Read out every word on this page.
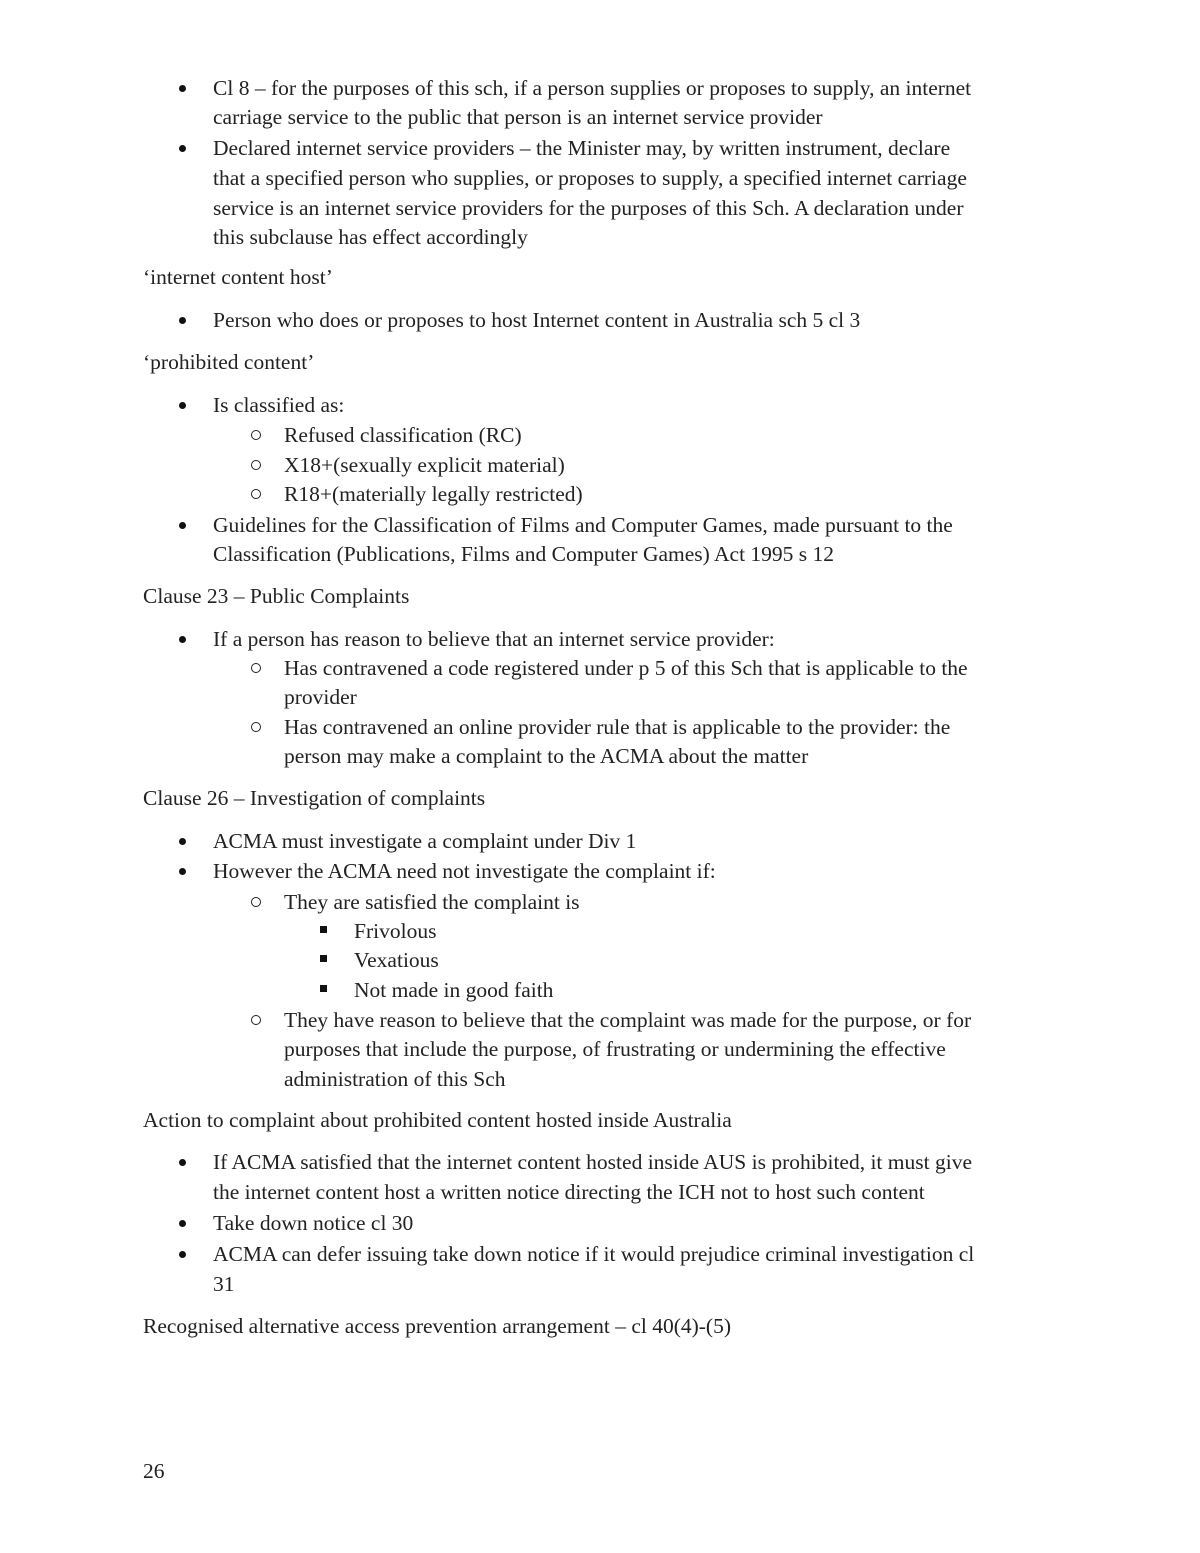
Cl 8 – for the purposes of this sch, if a person supplies or proposes to supply, an internet
carriage service to the public that person is an internet service provider
Declared internet service providers – the Minister may, by written instrument, declare
that a specified person who supplies, or proposes to supply, a specified internet carriage
service is an internet service providers for the purposes of this Sch. A declaration under
this subclause has effect accordingly
‘internet content host’
Person who does or proposes to host Internet content in Australia sch 5 cl 3
‘prohibited content’
Is classified as:
Refused classification (RC)
X18+(sexually explicit material)
R18+(materially legally restricted)
Guidelines for the Classification of Films and Computer Games, made pursuant to the
Classification (Publications, Films and Computer Games) Act 1995 s 12
Clause 23 – Public Complaints
If a person has reason to believe that an internet service provider:
Has contravened a code registered under p 5 of this Sch that is applicable to the
provider
Has contravened an online provider rule that is applicable to the provider: the
person may make a complaint to the ACMA about the matter
Clause 26 – Investigation of complaints
ACMA must investigate a complaint under Div 1
However the ACMA need not investigate the complaint if:
They are satisfied the complaint is
Frivolous
Vexatious
Not made in good faith
They have reason to believe that the complaint was made for the purpose, or for
purposes that include the purpose, of frustrating or undermining the effective
administration of this Sch
Action to complaint about prohibited content hosted inside Australia
If ACMA satisfied that the internet content hosted inside AUS is prohibited, it must give
the internet content host a written notice directing the ICH not to host such content
Take down notice cl 30
ACMA can defer issuing take down notice if it would prejudice criminal investigation cl
31
Recognised alternative access prevention arrangement – cl 40(4)-(5)
26
